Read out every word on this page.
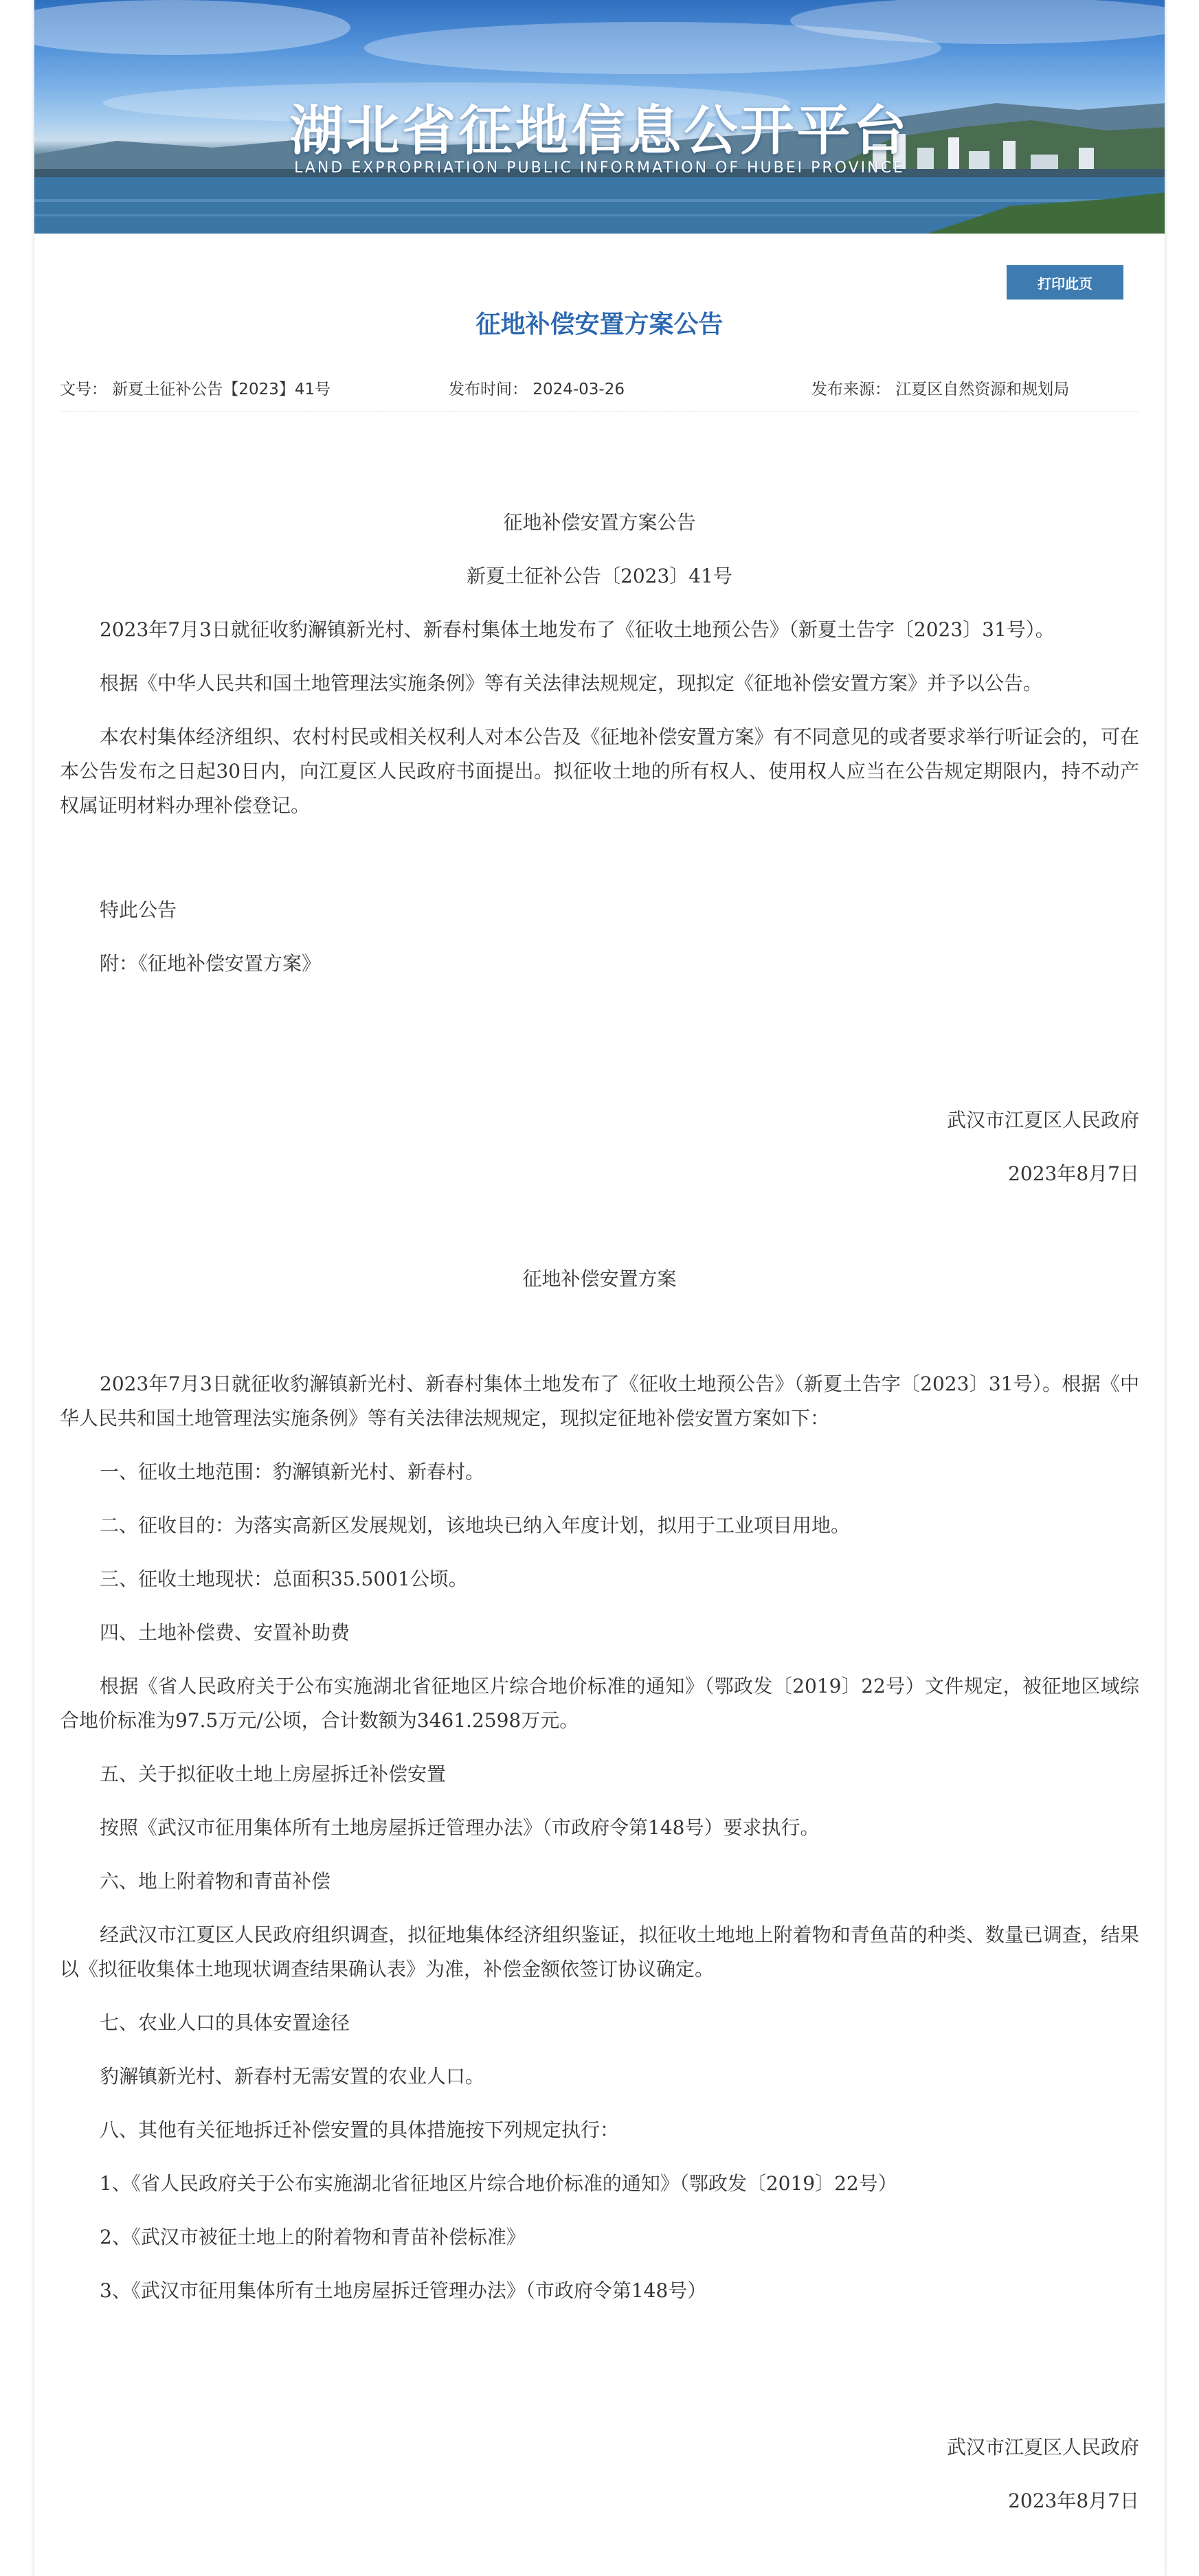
湖北省征地信息公开平台
LAND EXPROPRIATION PUBLIC INFORMATION OF HUBEI PROVINCE
打印此页
征地补偿安置方案公告
文号： 新夏土征补公告【2023】41号	发布时间： 2024-03-26	发布来源： 江夏区自然资源和规划局

征地补偿安置方案公告

新夏土征补公告〔2023〕41号

2023年7月3日就征收豹澥镇新光村、新春村集体土地发布了《征收土地预公告》（新夏土告字〔2023〕31号）。

根据《中华人民共和国土地管理法实施条例》等有关法律法规规定，现拟定《征地补偿安置方案》并予以公告。

本农村集体经济组织、农村村民或相关权利人对本公告及《征地补偿安置方案》有不同意见的或者要求举行听证会的，可在本公告发布之日起30日内，向江夏区人民政府书面提出。拟征收土地的所有权人、使用权人应当在公告规定期限内，持不动产权属证明材料办理补偿登记。

特此公告

附：《征地补偿安置方案》

武汉市江夏区人民政府

2023年8月7日

征地补偿安置方案

2023年7月3日就征收豹澥镇新光村、新春村集体土地发布了《征收土地预公告》（新夏土告字〔2023〕31号）。根据《中华人民共和国土地管理法实施条例》等有关法律法规规定，现拟定征地补偿安置方案如下：

一、征收土地范围：豹澥镇新光村、新春村。

二、征收目的：为落实高新区发展规划，该地块已纳入年度计划，拟用于工业项目用地。

三、征收土地现状：总面积35.5001公顷。

四、土地补偿费、安置补助费

根据《省人民政府关于公布实施湖北省征地区片综合地价标准的通知》（鄂政发〔2019〕22号）文件规定，被征地区域综合地价标准为97.5万元/公顷，合计数额为3461.2598万元。

五、关于拟征收土地上房屋拆迁补偿安置

按照《武汉市征用集体所有土地房屋拆迁管理办法》（市政府令第148号）要求执行。

六、地上附着物和青苗补偿

经武汉市江夏区人民政府组织调查，拟征地集体经济组织鉴证，拟征收土地地上附着物和青鱼苗的种类、数量已调查，结果以《拟征收集体土地现状调查结果确认表》为准，补偿金额依签订协议确定。

七、农业人口的具体安置途径

豹澥镇新光村、新春村无需安置的农业人口。

八、其他有关征地拆迁补偿安置的具体措施按下列规定执行：

1、《省人民政府关于公布实施湖北省征地区片综合地价标准的通知》（鄂政发〔2019〕22号）

2、《武汉市被征土地上的附着物和青苗补偿标准》

3、《武汉市征用集体所有土地房屋拆迁管理办法》（市政府令第148号）

武汉市江夏区人民政府

2023年8月7日
